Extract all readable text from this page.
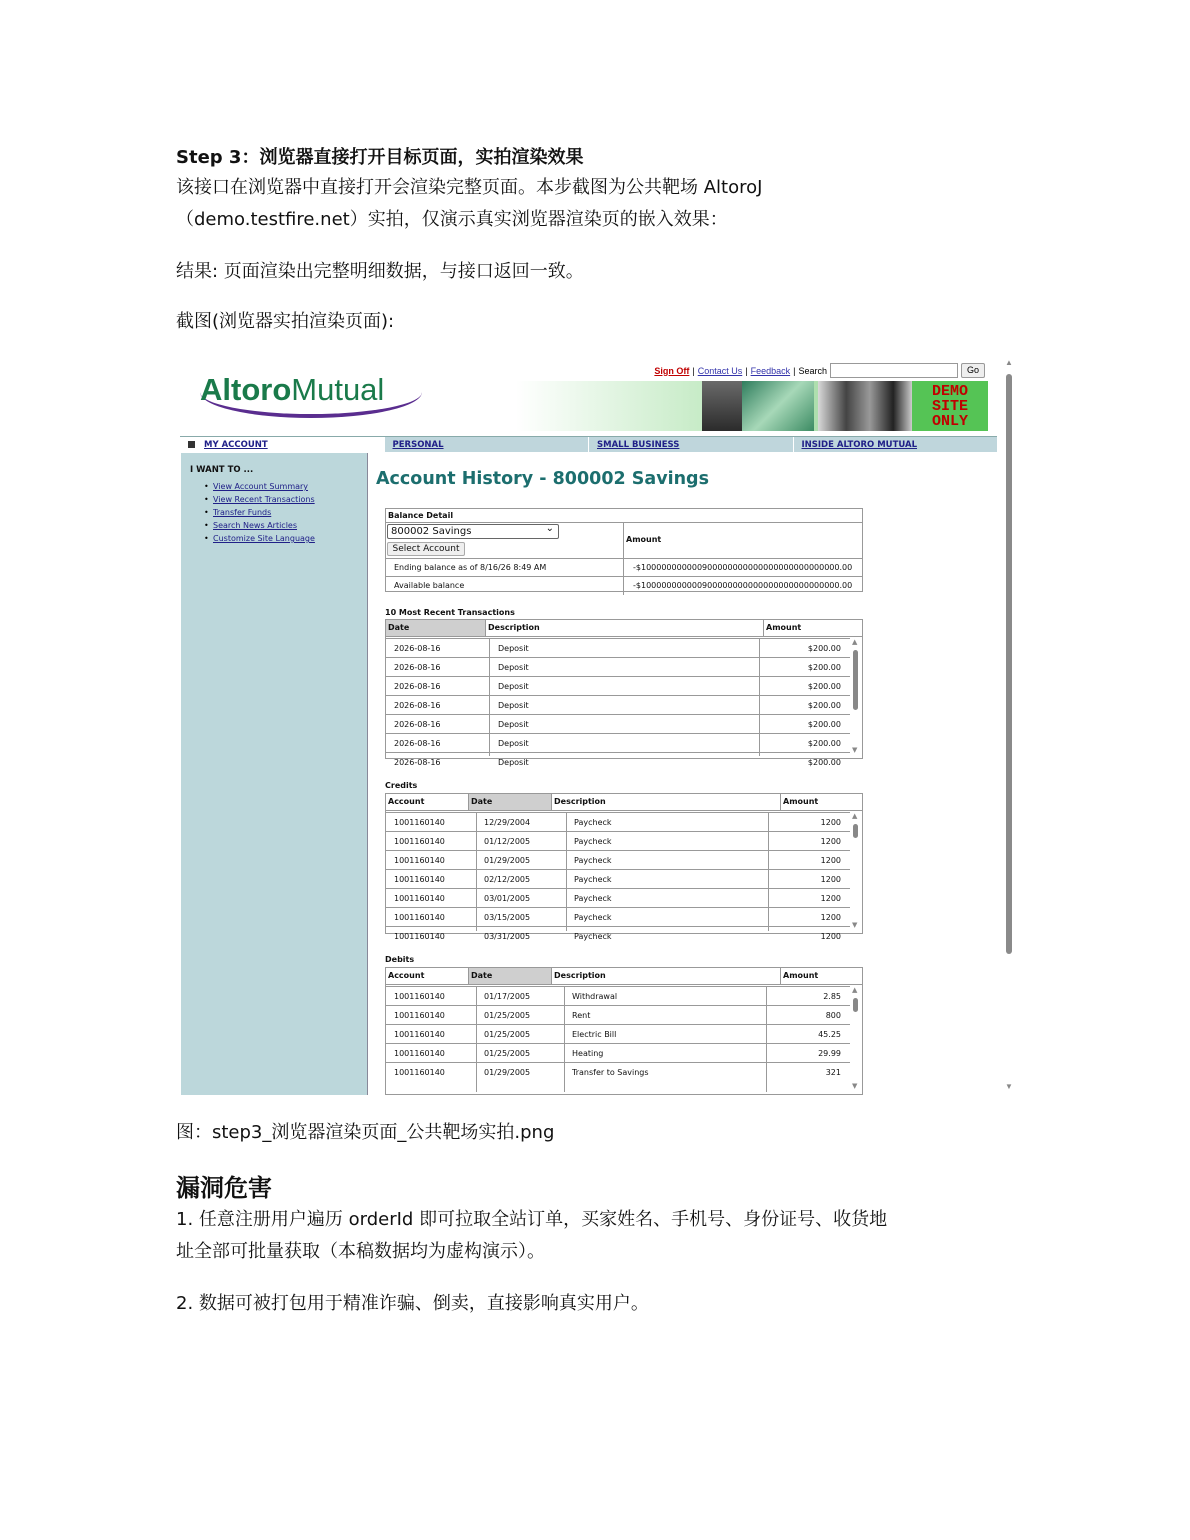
Step 3：浏览器直接打开目标页面，实拍渲染效果
该接口在浏览器中直接打开会渲染完整页面。本步截图为公共靶场 AltoroJ
（demo.testfire.net）实拍，仅演示真实浏览器渲染页的嵌入效果：
结果: 页面渲染出完整明细数据，与接口返回一致。
截图(浏览器实拍渲染页面):
图：step3_浏览器渲染页面_公共靶场实拍.png
漏洞危害
1. 任意注册用户遍历 orderId 即可拉取全站订单，买家姓名、手机号、身份证号、收货地
址全部可批量获取（本稿数据均为虚构演示）。
2. 数据可被打包用于精准诈骗、倒卖，直接影响真实用户。
Sign Off | Contact Us | Feedback | Search	Go
AltoroMutual	DEMO
SITE
ONLY
MY ACCOUNT	PERSONAL	SMALL BUSINESS	INSIDE ALTORO MUTUAL
I WANT TO ...
• View Account Summary
• View Recent Transactions
• Transfer Funds
• Search News Articles
• Customize Site Language
Account History - 800002 Savings
Balance Detail
800002 Savings ⌄
Select Account
Amount
Ending balance as of 8/16/26 8:49 AM	-$100000000000900000000000000000000000000.00
Available balance	-$100000000000900000000000000000000000000.00
10 Most Recent Transactions
Date	Description	Amount
2026-08-16	Deposit	$200.00
2026-08-16	Deposit	$200.00
2026-08-16	Deposit	$200.00
2026-08-16	Deposit	$200.00
2026-08-16	Deposit	$200.00
2026-08-16	Deposit	$200.00
2026-08-16	Deposit	$200.00
▲
▼
Credits
Account	Date	Description	Amount
1001160140	12/29/2004	Paycheck	1200
1001160140	01/12/2005	Paycheck	1200
1001160140	01/29/2005	Paycheck	1200
1001160140	02/12/2005	Paycheck	1200
1001160140	03/01/2005	Paycheck	1200
1001160140	03/15/2005	Paycheck	1200
1001160140	03/31/2005	Paycheck	1200
▲
▼
Debits
Account	Date	Description	Amount
1001160140	01/17/2005	Withdrawal	2.85
1001160140	01/25/2005	Rent	800
1001160140	01/25/2005	Electric Bill	45.25
1001160140	01/25/2005	Heating	29.99
1001160140	01/29/2005	Transfer to Savings	321
▲
▼
▲
▼
